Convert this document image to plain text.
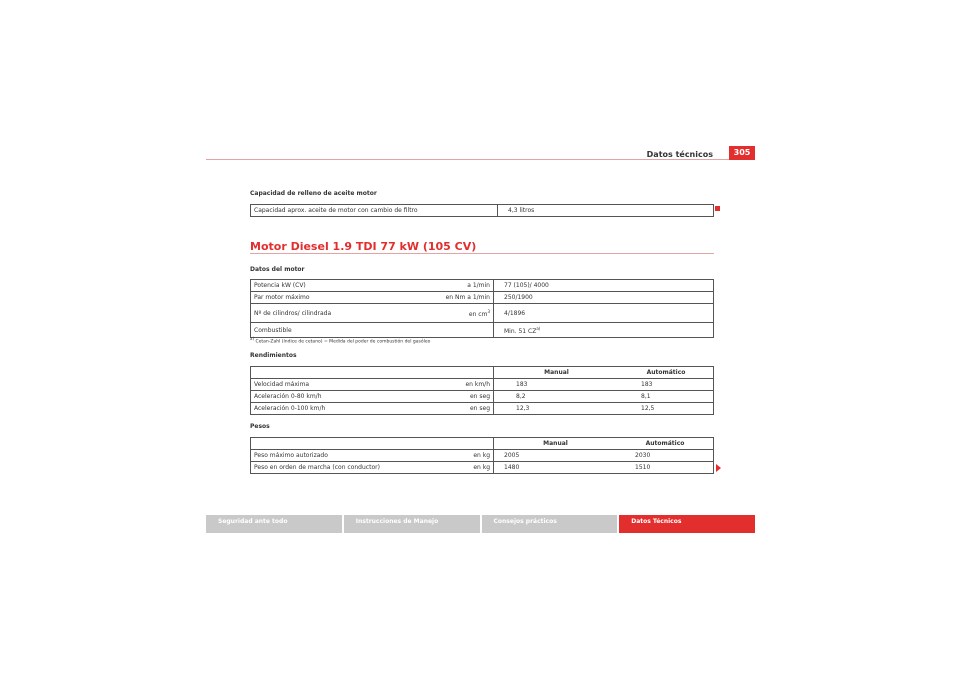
Datos técnicos	305
Capacidad de relleno de aceite motor
Capacidad aprox. aceite de motor con cambio de filtro	4,3 litros
Motor Diesel 1.9 TDI 77 kW (105 CV)
Datos del motor
Potencia kW (CV)	a 1/min	77 (105)/ 4000
Par motor máximo	en Nm a 1/min	250/1900
Nº de cilindros/ cilindrada	en $cm^3$	4/1896
Combustible		Min. 51 CZ$^{a)}$
$^{a)}$ Cetan-Zahl (índice de cetano) = Medida del poder de combustión del gasóleo
Rendimientos
		Manual	Automático
Velocidad máxima	en km/h	183	183
Aceleración 0-80 km/h	en seg	8,2	8,1
Aceleración 0-100 km/h	en seg	12,3	12,5
Pesos
		Manual	Automático
Peso máximo autorizado	en kg	2005	2030
Peso en orden de marcha (con conductor)	en kg	1480	1510
Seguridad ante todo	Instrucciones de Manejo	Consejos prácticos	Datos Técnicos
